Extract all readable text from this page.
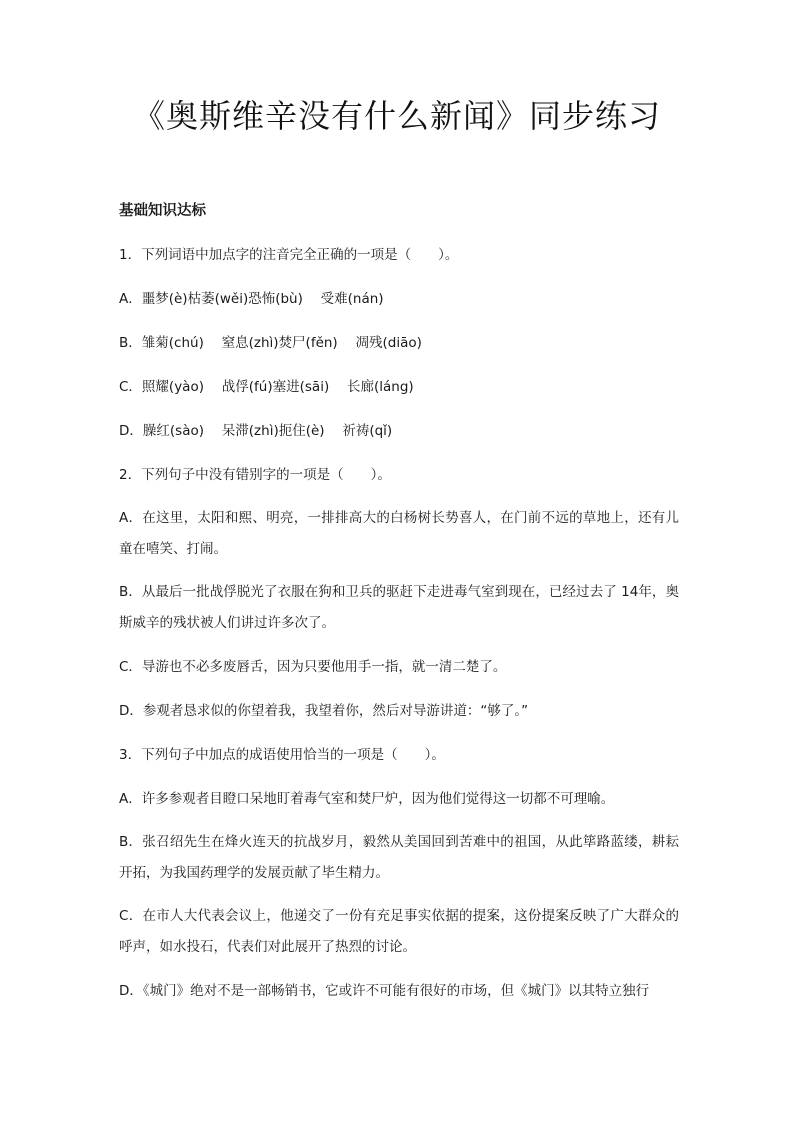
《奥斯维辛没有什么新闻》同步练习
基础知识达标
1．下列词语中加点字的注音完全正确的一项是（　　）。
A．噩梦(è)枯萎(wěi)恐怖(bù)　 受难(nán)
B．雏菊(chú)　 窒息(zhì)焚尸(fěn)　 凋残(diāo)
C．照耀(yào)　 战俘(fú)塞进(sāi)　 长廊(láng)
D．臊红(sào)　 呆滞(zhì)扼住(è)　 祈祷(qǐ)
2．下列句子中没有错别字的一项是（　　）。
A．在这里，太阳和熙、明亮，一排排高大的白杨树长势喜人，在门前不远的草地上，还有儿童在嘻笑、打闹。
B．从最后一批战俘脱光了衣服在狗和卫兵的驱赶下走进毒气室到现在，已经过去了 14年，奥斯威辛的残状被人们讲过许多次了。
C．导游也不必多废唇舌，因为只要他用手一指，就一清二楚了。
D．参观者恳求似的你望着我，我望着你，然后对导游讲道：“够了。”
3．下列句子中加点的成语使用恰当的一项是（　　）。
A．许多参观者目瞪口呆地盯着毒气室和焚尸炉，因为他们觉得这一切都不可理喻。
B．张召绍先生在烽火连天的抗战岁月，毅然从美国回到苦难中的祖国，从此筚路蓝缕，耕耘开拓，为我国药理学的发展贡献了毕生精力。
C．在市人大代表会议上，他递交了一份有充足事实依据的提案，这份提案反映了广大群众的呼声，如水投石，代表们对此展开了热烈的讨论。
D．《城门》绝对不是一部畅销书，它或许不可能有很好的市场，但《城门》以其特立独行
